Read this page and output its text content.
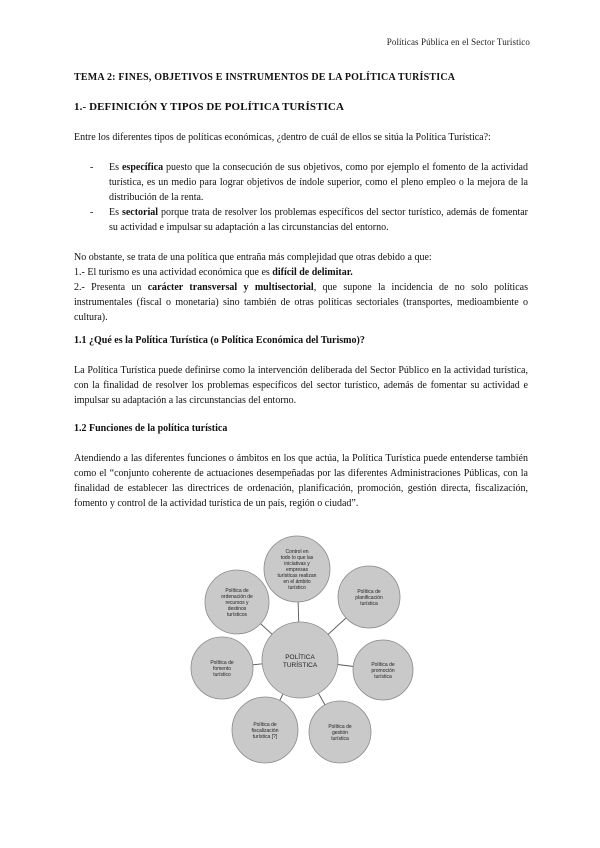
Políticas Pública en el Sector Turístico
TEMA 2: FINES, OBJETIVOS E INSTRUMENTOS DE LA POLÍTICA TURÍSTICA
1.- DEFINICIÓN Y TIPOS DE POLÍTICA TURÍSTICA
Entre los diferentes tipos de políticas económicas, ¿dentro de cuál de ellos se sitúa la Política Turística?:
- Es específica puesto que la consecución de sus objetivos, como por ejemplo el fomento de la actividad turística, es un medio para lograr objetivos de índole superior, como el pleno empleo o la mejora de la distribución de la renta.
- Es sectorial porque trata de resolver los problemas específicos del sector turístico, además de fomentar su actividad e impulsar su adaptación a las circunstancias del entorno.
No obstante, se trata de una política que entraña más complejidad que otras debido a que:
1.- El turismo es una actividad económica que es difícil de delimitar.
2.- Presenta un carácter transversal y multisectorial, que supone la incidencia de no solo políticas instrumentales (fiscal o monetaria) sino también de otras políticas sectoriales (transportes, medioambiente o cultura).
1.1 ¿Qué es la Política Turística (o Política Económica del Turismo)?
La Política Turística puede definirse como la intervención deliberada del Sector Público en la actividad turística, con la finalidad de resolver los problemas específicos del sector turístico, además de fomentar su actividad e impulsar su adaptación a las circunstancias del entorno.
1.2 Funciones de la política turística
Atendiendo a las diferentes funciones o ámbitos en los que actúa, la Política Turística puede entenderse también como el “conjunto coherente de actuaciones desempeñadas por las diferentes Administraciones Públicas, con la finalidad de establecer las directrices de ordenación, planificación, promoción, gestión directa, fiscalización, fomento y control de la actividad turística de un país, región o ciudad”.
Control en todo lo que las iniciativas y empresas turísticas realizan en el ámbito turístico
Política de planificación turística
Política de promoción turística
Política de gestión turística
Política de fiscalización turística [?]
Política de fomento turístico
Política de ordenación de recursos y destinos turísticos
POLÍTICA TURÍSTICA
